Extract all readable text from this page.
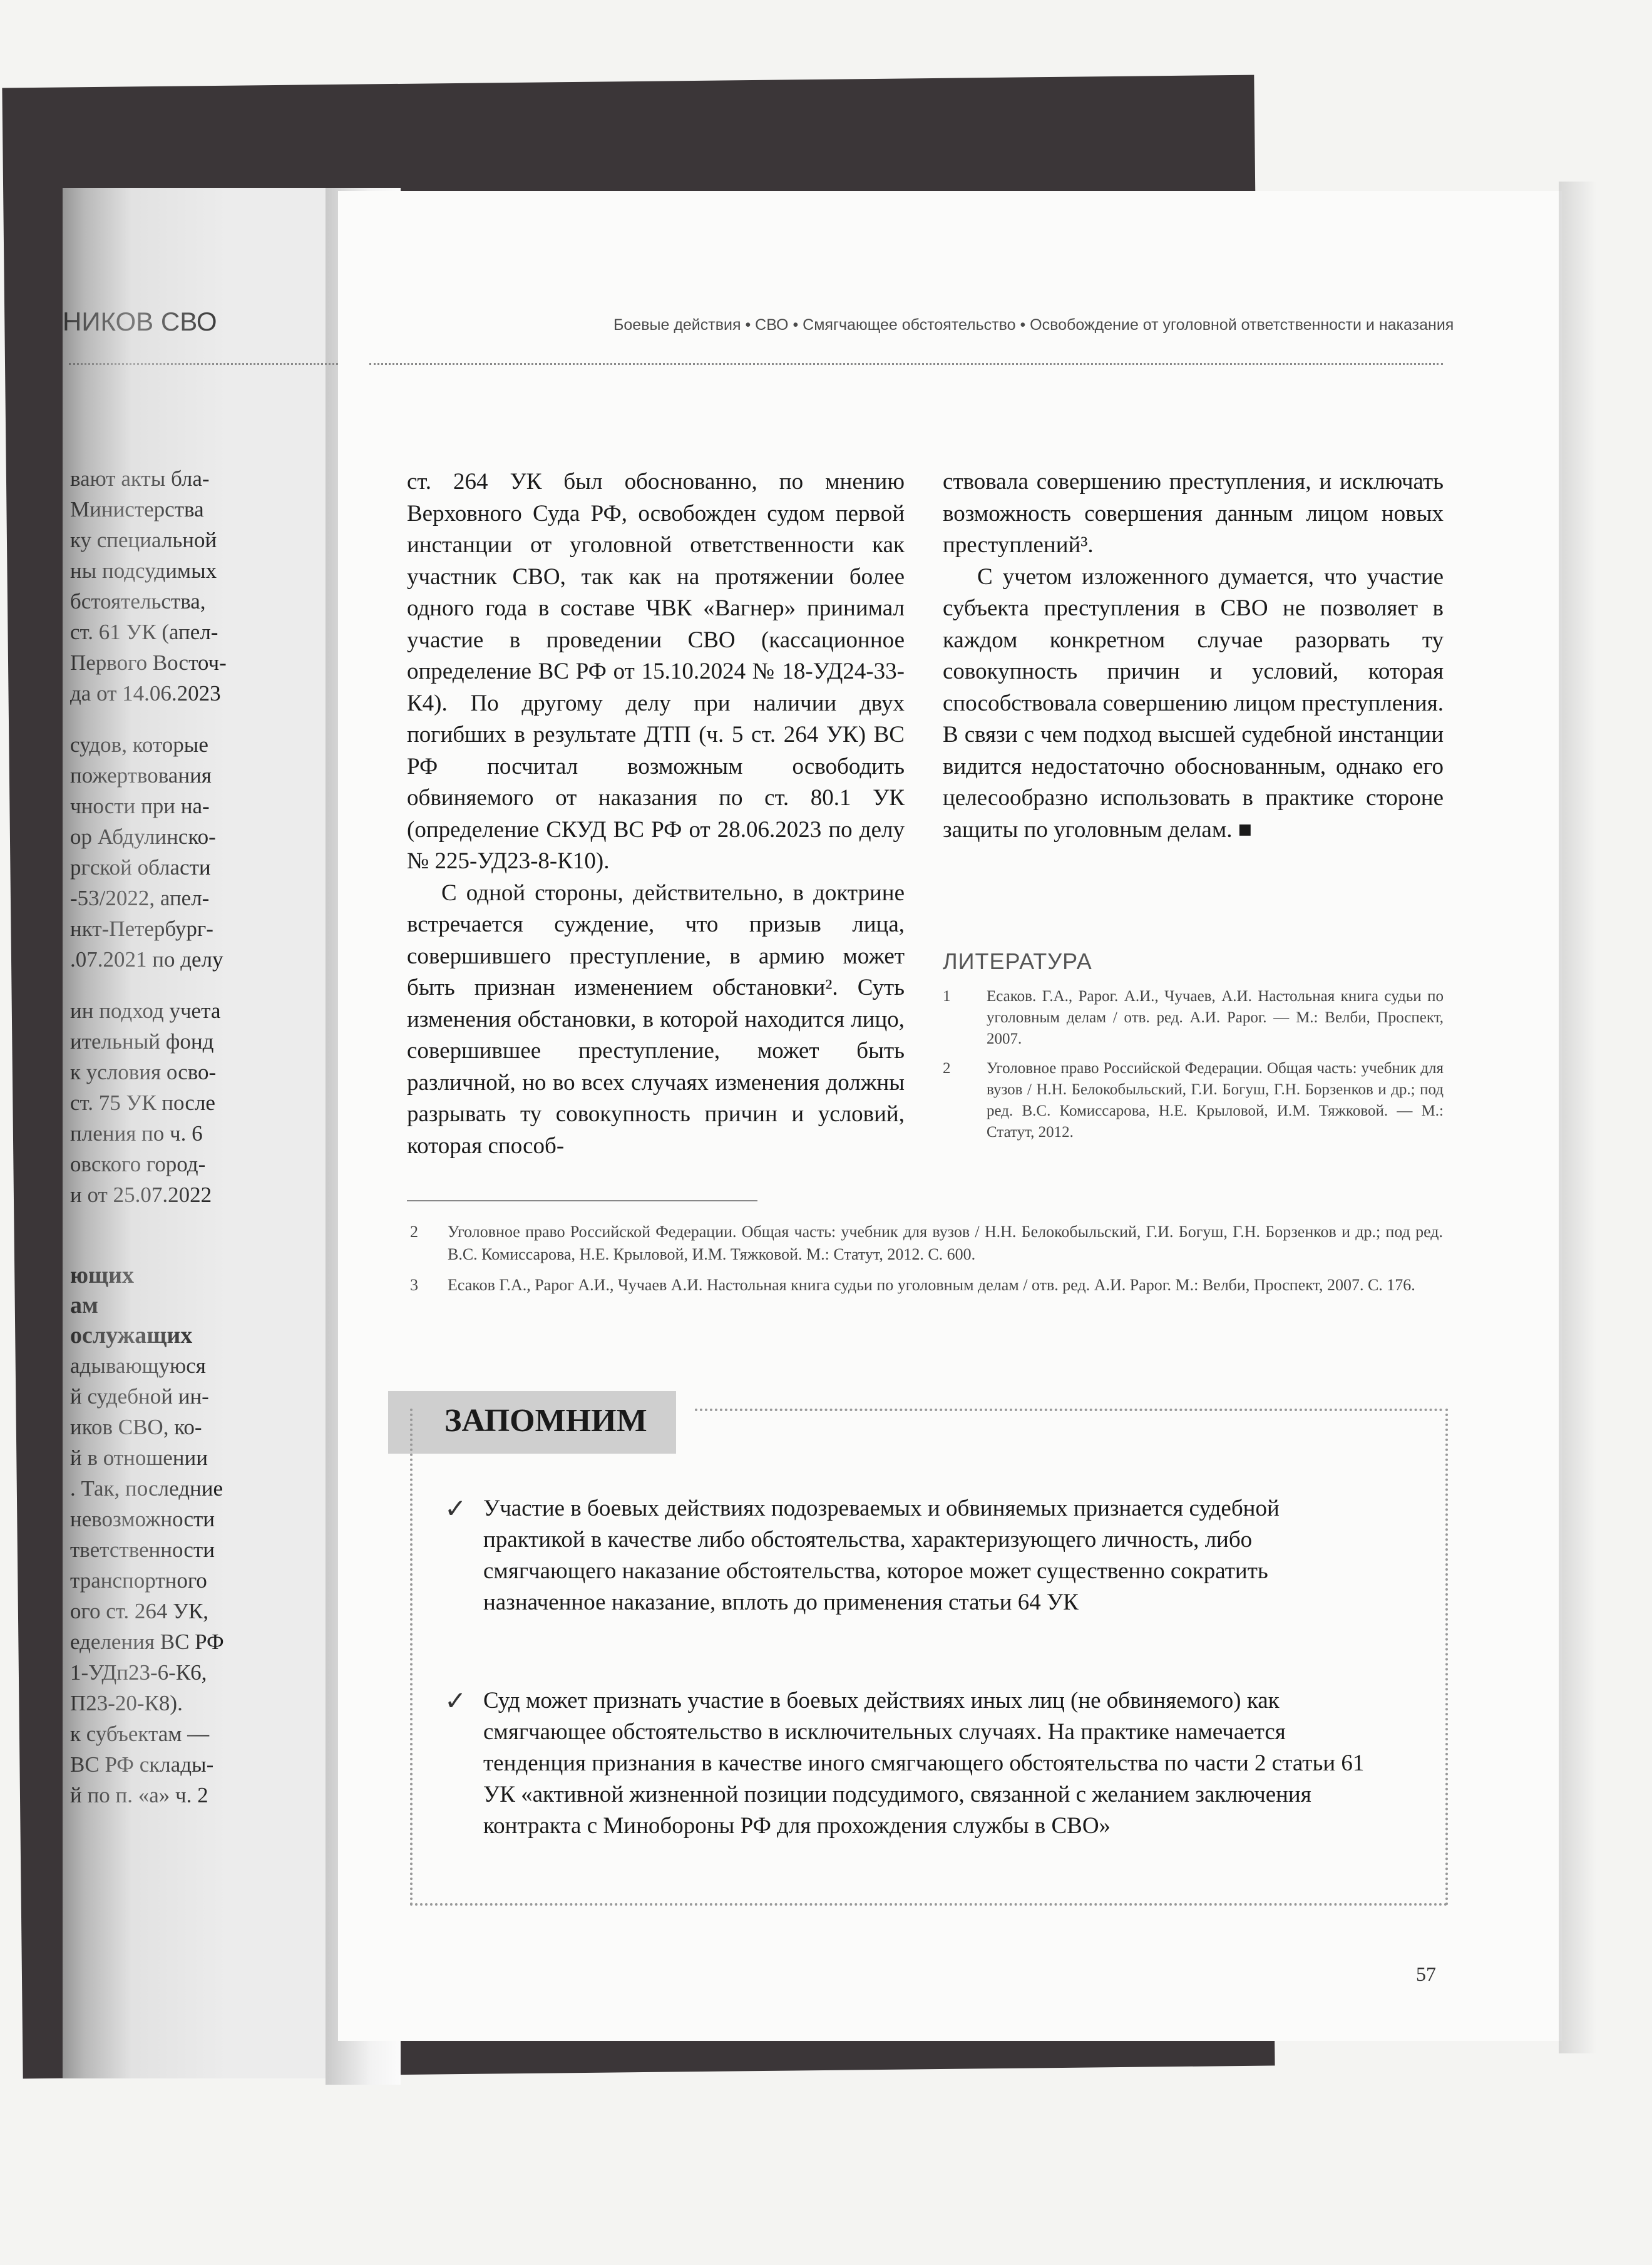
НИКОВ СВО

вают акты бла-

Министерства

ку специальной

ны подсудимых

бстоятельства,

ст. 61 УК (апел-

Первого Восточ-

да от 14.06.2023

судов, которые

пожертвования

чности при на-

ор Абдулинско-

ргской области

-53/2022, апел-

нкт-Петербург-

.07.2021 по делу

ин подход учета

ительный фонд

к условия осво-

ст. 75 УК после

пления по ч. 6

овского город-

и от 25.07.2022

ющих

ам

ослужащих

адывающуюся

й судебной ин-

иков СВО, ко-

й в отношении

. Так, последние

невозможности

тветственности

транспортного

ого ст. 264 УК,

еделения ВС РФ

1-УДп23-6-К6,

П23-20-К8).

к субъектам —

ВС РФ склады-

й по п. «а» ч. 2

Боевые действия • СВО • Смягчающее обстоятельство • Освобождение от уголовной ответственности и наказания

ст. 264 УК был обоснованно, по мнению Верховного Суда РФ, освобожден судом первой инстанции от уголовной ответственности как участник СВО, так как на протяжении более одного года в составе ЧВК «Вагнер» принимал участие в проведении СВО (кассационное определение ВС РФ от 15.10.2024 № 18-УД24-33-К4). По другому делу при наличии двух погибших в результате ДТП (ч. 5 ст. 264 УК) ВС РФ посчитал возможным освободить обвиняемого от наказания по ст. 80.1 УК (определение СКУД ВС РФ от 28.06.2023 по делу № 225-УД23-8-К10).

С одной стороны, действительно, в доктрине встречается суждение, что призыв лица, совершившего преступление, в армию может быть признан изменением обстановки². Суть изменения обстановки, в которой находится лицо, совершившее преступление, может быть различной, но во всех случаях изменения должны разрывать ту совокупность причин и условий, которая способ-

ствовала совершению преступления, и исключать возможность совершения данным лицом новых преступлений³.

С учетом изложенного думается, что участие субъекта преступления в СВО не позволяет в каждом конкретном случае разорвать ту совокупность причин и условий, которая способствовала совершению лицом преступления. В связи с чем подход высшей судебной инстанции видится недостаточно обоснованным, однако его целесообразно использовать в практике стороне защиты по уголовным делам. ■

ЛИТЕРАТУРА
1 Есаков. Г.А., Рарог. А.И., Чучаев, А.И. Настольная книга судьи по уголовным делам / отв. ред. А.И. Рарог. — М.: Велби, Проспект, 2007.
2 Уголовное право Российской Федерации. Общая часть: учебник для вузов / Н.Н. Белокобыльский, Г.И. Богуш, Г.Н. Борзенков и др.; под ред. В.С. Комиссарова, Н.Е. Крыловой, И.М. Тяжковой. — М.: Статут, 2012.
2 Уголовное право Российской Федерации. Общая часть: учебник для вузов / Н.Н. Белокобыльский, Г.И. Богуш, Г.Н. Борзенков и др.; под ред. В.С. Комиссарова, Н.Е. Крыловой, И.М. Тяжковой. М.: Статут, 2012. С. 600.
3 Есаков Г.А., Рарог А.И., Чучаев А.И. Настольная книга судьи по уголовным делам / отв. ред. А.И. Рарог. М.: Велби, Проспект, 2007. С. 176.
ЗАПОМНИМ
✓ Участие в боевых действиях подозреваемых и обвиняемых признается судебной практикой в качестве либо обстоятельства, характеризующего личность, либо смягчающего наказание обстоятельства, которое может существенно сократить назначенное наказание, вплоть до применения статьи 64 УК

✓ Суд может признать участие в боевых действиях иных лиц (не обвиняемого) как смягчающее обстоятельство в исключительных случаях. На практике намечается тенденция признания в качестве иного смягчающего обстоятельства по части 2 статьи 61 УК «активной жизненной позиции подсудимого, связанной с желанием заключения контракта с Минобороны РФ для прохождения службы в СВО»

57
